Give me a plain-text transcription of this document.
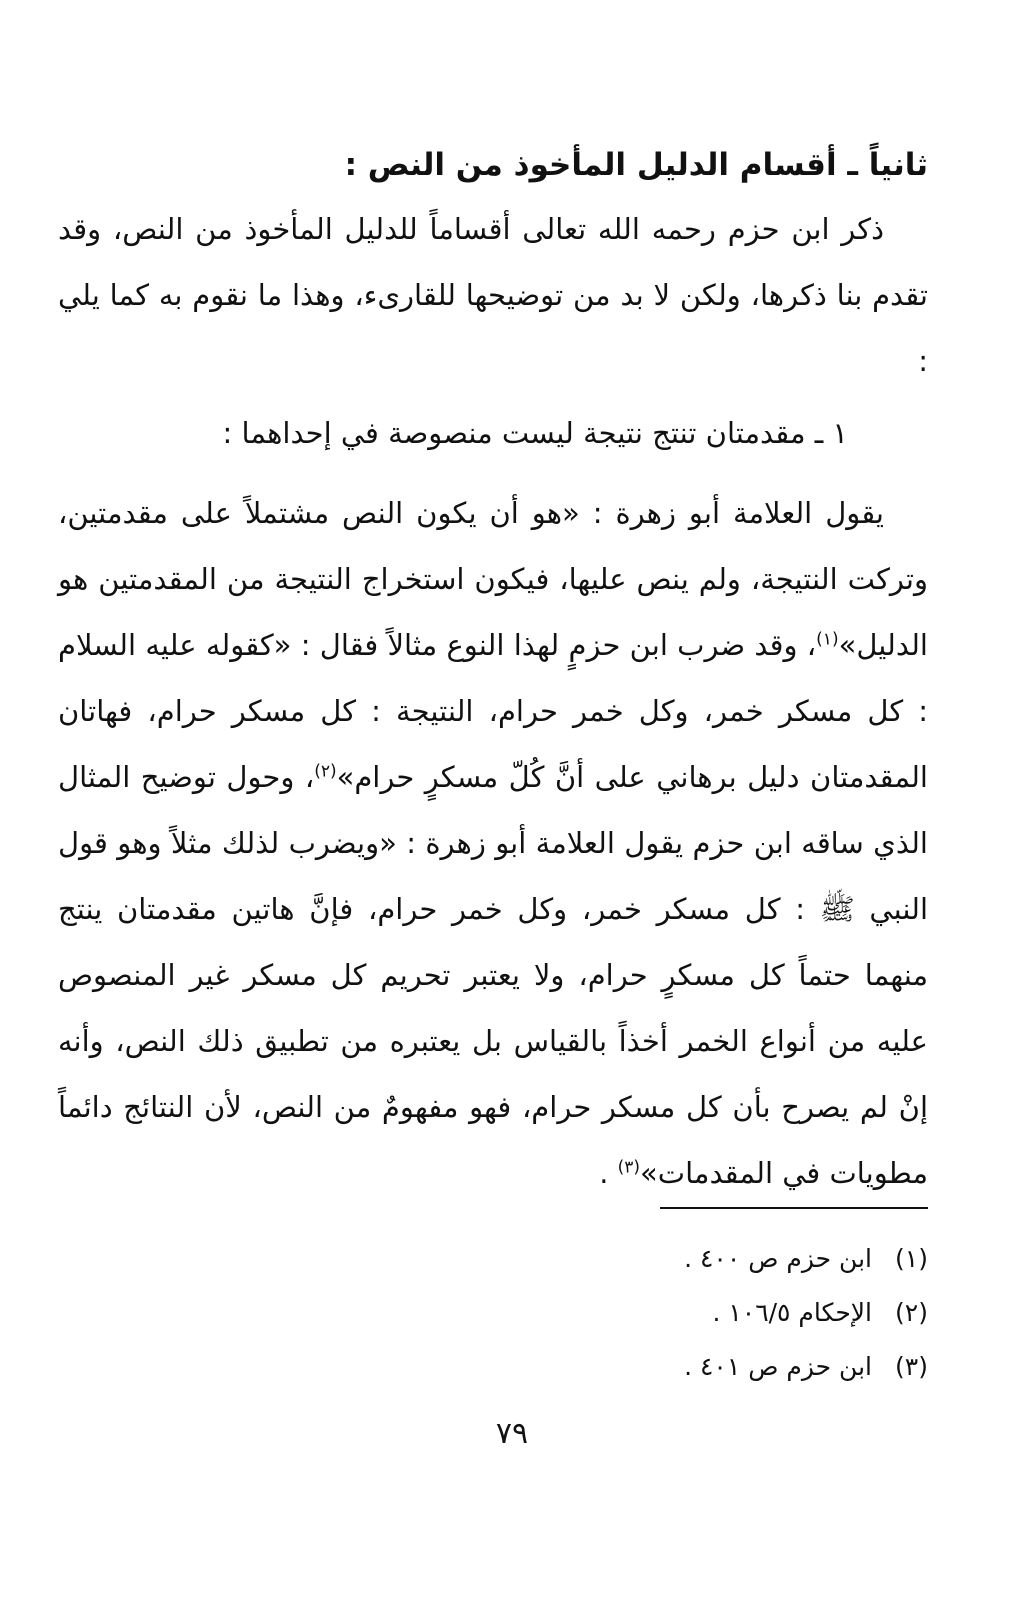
ثانياً ـ أقسام الدليل المأخوذ من النص :

ذكر ابن حزم رحمه الله تعالى أقساماً للدليل المأخوذ من النص، وقد تقدم بنا ذكرها، ولكن لا بد من توضيحها للقارىء، وهذا ما نقوم به كما يلي :

١ ـ مقدمتان تنتج نتيجة ليست منصوصة في إحداهما :

يقول العلامة أبو زهرة : «هو أن يكون النص مشتملاً على مقدمتين، وتركت النتيجة، ولم ينص عليها، فيكون استخراج النتيجة من المقدمتين هو الدليل»$^{(١)}$، وقد ضرب ابن حزمٍ لهذا النوع مثالاً فقال : «كقوله عليه السلام : كل مسكر خمر، وكل خمر حرام، النتيجة : كل مسكر حرام، فهاتان المقدمتان دليل برهاني على أنَّ كُلّ مسكرٍ حرام»$^{(٢)}$، وحول توضيح المثال الذي ساقه ابن حزم يقول العلامة أبو زهرة : «ويضرب لذلك مثلاً وهو قول النبي ﷺ : كل مسكر خمر، وكل خمر حرام، فإنَّ هاتين مقدمتان ينتج منهما حتماً كل مسكرٍ حرام، ولا يعتبر تحريم كل مسكر غير المنصوص عليه من أنواع الخمر أخذاً بالقياس بل يعتبره من تطبيق ذلك النص، وأنه إنْ لم يصرح بأن كل مسكر حرام، فهو مفهومٌ من النص، لأن النتائج دائماً مطويات في المقدمات»$^{(٣)}$ .

(١)ابن حزم ص ٤٠٠ .
(٢)الإحكام ١٠٦/٥ .
(٣)ابن حزم ص ٤٠١ .
٧٩
